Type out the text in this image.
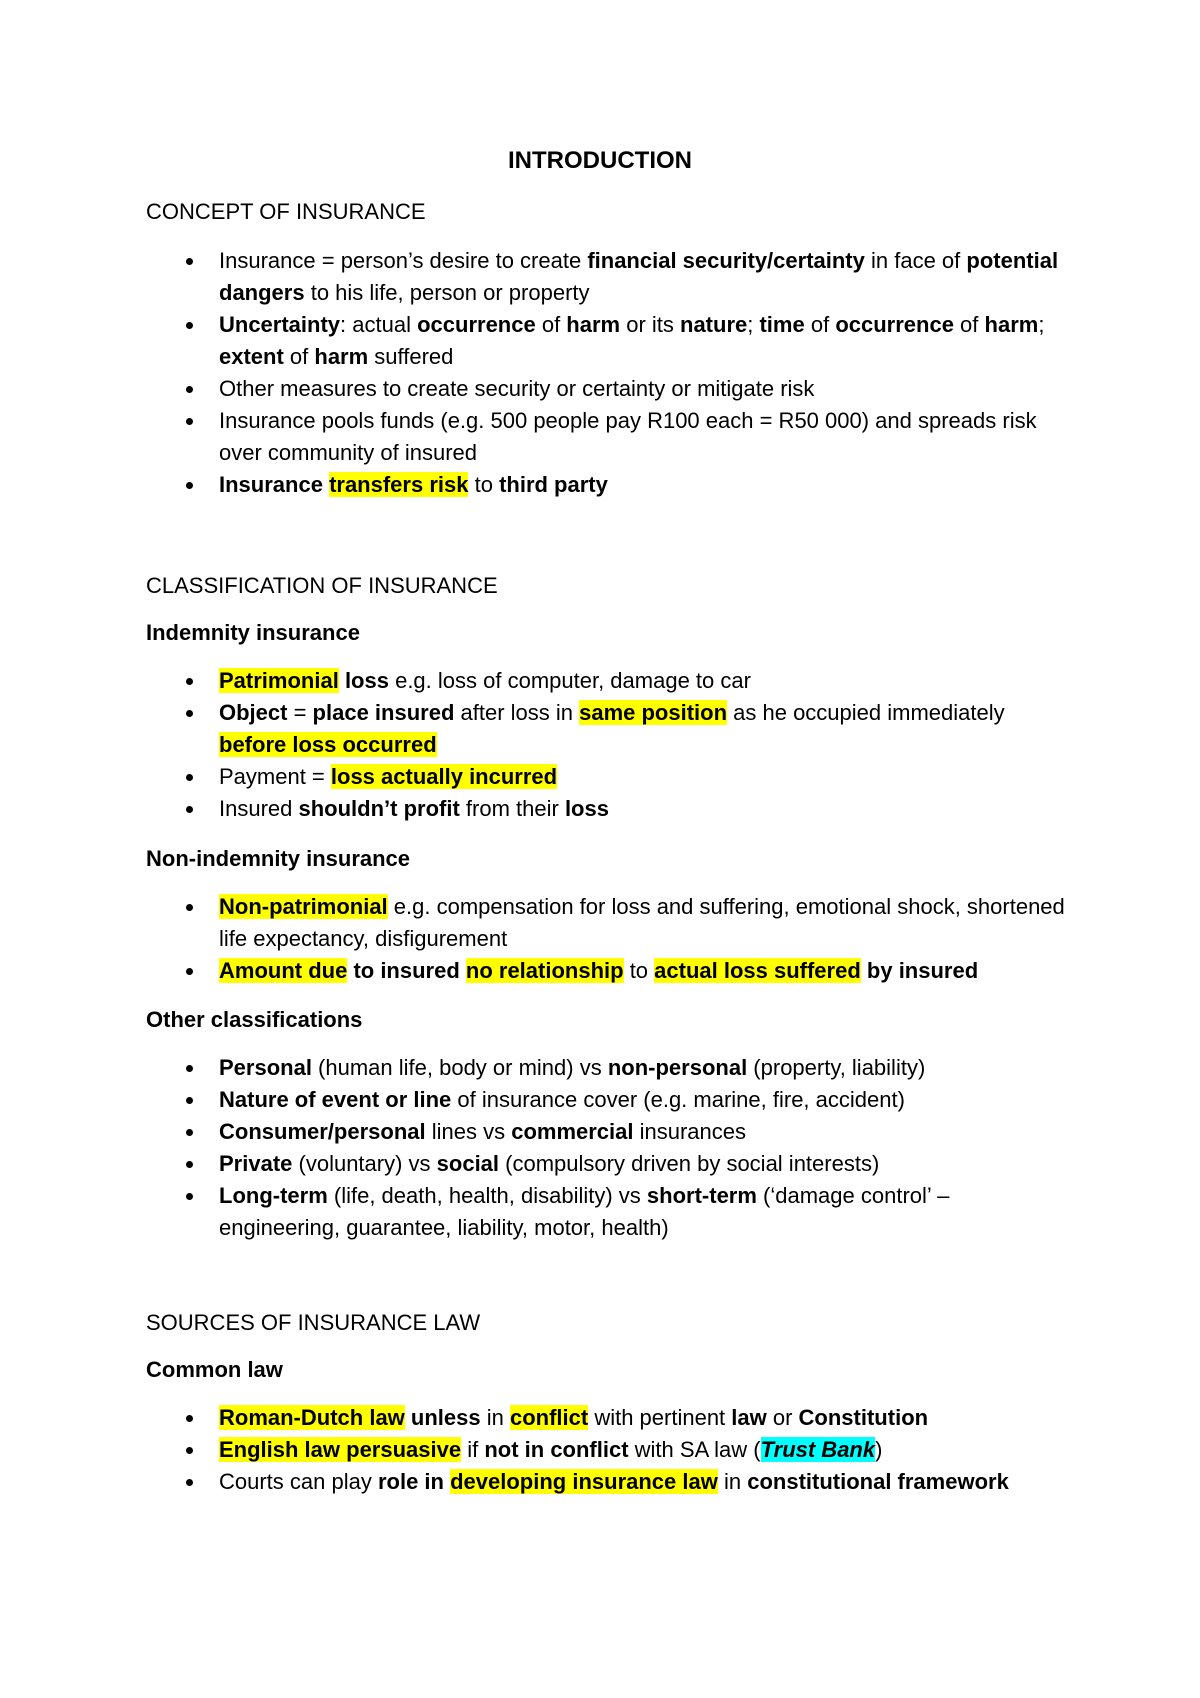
INTRODUCTION
CONCEPT OF INSURANCE
Insurance = person’s desire to create financial security/certainty in face of potential dangers to his life, person or property
Uncertainty: actual occurrence of harm or its nature; time of occurrence of harm; extent of harm suffered
Other measures to create security or certainty or mitigate risk
Insurance pools funds (e.g. 500 people pay R100 each = R50 000) and spreads risk over community of insured
Insurance transfers risk to third party
CLASSIFICATION OF INSURANCE
Indemnity insurance
Patrimonial loss e.g. loss of computer, damage to car
Object = place insured after loss in same position as he occupied immediately before loss occurred
Payment = loss actually incurred
Insured shouldn’t profit from their loss
Non-indemnity insurance
Non-patrimonial e.g. compensation for loss and suffering, emotional shock, shortened life expectancy, disfigurement
Amount due to insured no relationship to actual loss suffered by insured
Other classifications
Personal (human life, body or mind) vs non-personal (property, liability)
Nature of event or line of insurance cover (e.g. marine, fire, accident)
Consumer/personal lines vs commercial insurances
Private (voluntary) vs social (compulsory driven by social interests)
Long-term (life, death, health, disability) vs short-term (‘damage control’ – engineering, guarantee, liability, motor, health)
SOURCES OF INSURANCE LAW
Common law
Roman-Dutch law unless in conflict with pertinent law or Constitution
English law persuasive if not in conflict with SA law (Trust Bank)
Courts can play role in developing insurance law in constitutional framework
